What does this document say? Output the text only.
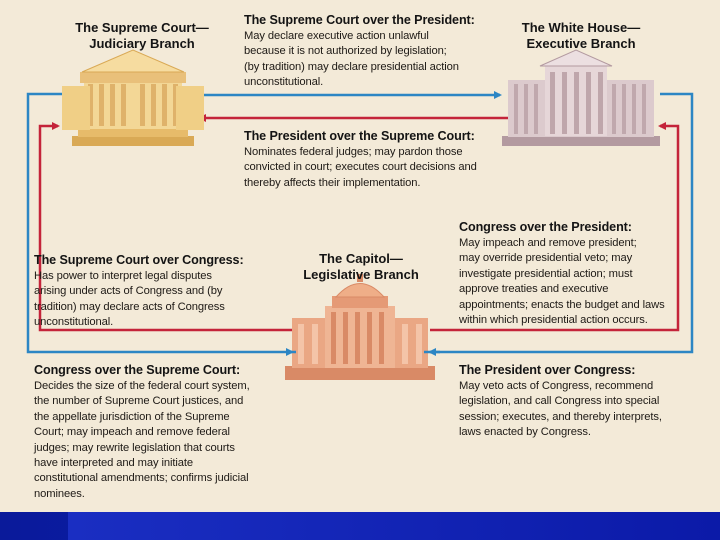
The Supreme Court—
Judiciary Branch
The White House—
Executive Branch
The Capitol—
Legislative Branch
The Supreme Court over the President:
May declare executive action unlawful
because it is not authorized by legislation;
(by tradition) may declare presidential action
unconstitutional.
The President over the Supreme Court:
Nominates federal judges; may pardon those
convicted in court; executes court decisions and
thereby affects their implementation.
Congress over the President:
May impeach and remove president;
may override presidential veto; may
investigate presidential action; must
approve treaties and executive
appointments; enacts the budget and laws
within which presidential action occurs.
The Supreme Court over Congress:
Has power to interpret legal disputes
arising under acts of Congress and (by
tradition) may declare acts of Congress
unconstitutional.
Congress over the Supreme Court:
Decides the size of the federal court system,
the number of Supreme Court justices, and
the appellate jurisdiction of the Supreme
Court; may impeach and remove federal
judges; may rewrite legislation that courts
have interpreted and may initiate
constitutional amendments; confirms judicial
nominees.
The President over Congress:
May veto acts of Congress, recommend
legislation, and call Congress into special
session; executes, and thereby interprets,
laws enacted by Congress.
